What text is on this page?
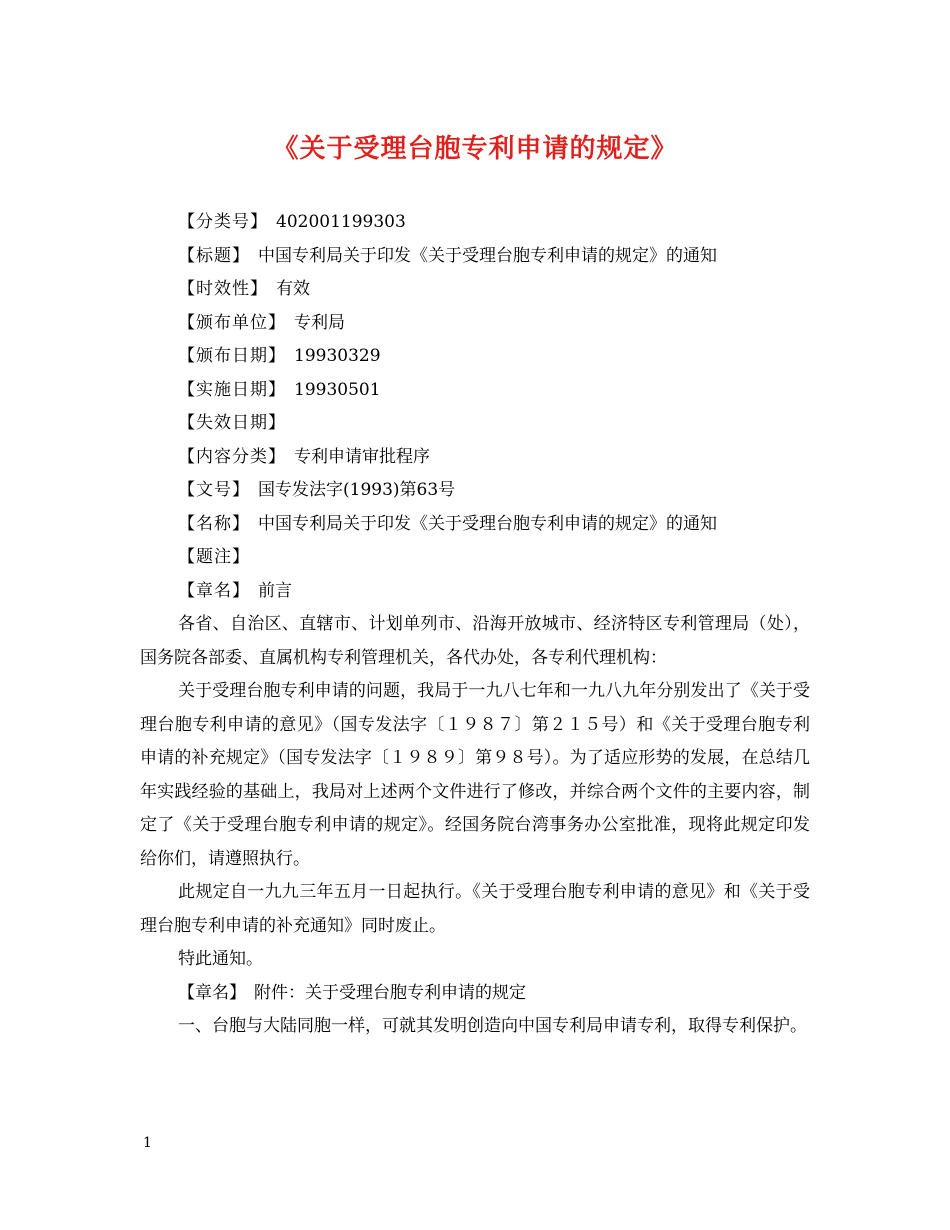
《关于受理台胞专利申请的规定》

【分类号】 402001199303

【标题】 中国专利局关于印发《关于受理台胞专利申请的规定》的通知

【时效性】 有效

【颁布单位】 专利局

【颁布日期】 19930329

【实施日期】 19930501

【失效日期】

【内容分类】 专利申请审批程序

【文号】 国专发法字(1993)第63号

【名称】 中国专利局关于印发《关于受理台胞专利申请的规定》的通知

【题注】

【章名】 前言

各省、自治区、直辖市、计划单列市、沿海开放城市、经济特区专利管理局（处），国务院各部委、直属机构专利管理机关，各代办处，各专利代理机构：

关于受理台胞专利申请的问题，我局于一九八七年和一九八九年分别发出了《关于受理台胞专利申请的意见》（国专发法字〔１９８７〕第２１５号）和《关于受理台胞专利申请的补充规定》（国专发法字〔１９８９〕第９８号）。为了适应形势的发展，在总结几年实践经验的基础上，我局对上述两个文件进行了修改，并综合两个文件的主要内容，制定了《关于受理台胞专利申请的规定》。经国务院台湾事务办公室批准，现将此规定印发给你们，请遵照执行。

此规定自一九九三年五月一日起执行。《关于受理台胞专利申请的意见》和《关于受理台胞专利申请的补充通知》同时废止。

特此通知。

【章名】 附件：关于受理台胞专利申请的规定

一、台胞与大陆同胞一样，可就其发明创造向中国专利局申请专利，取得专利保护。

1
